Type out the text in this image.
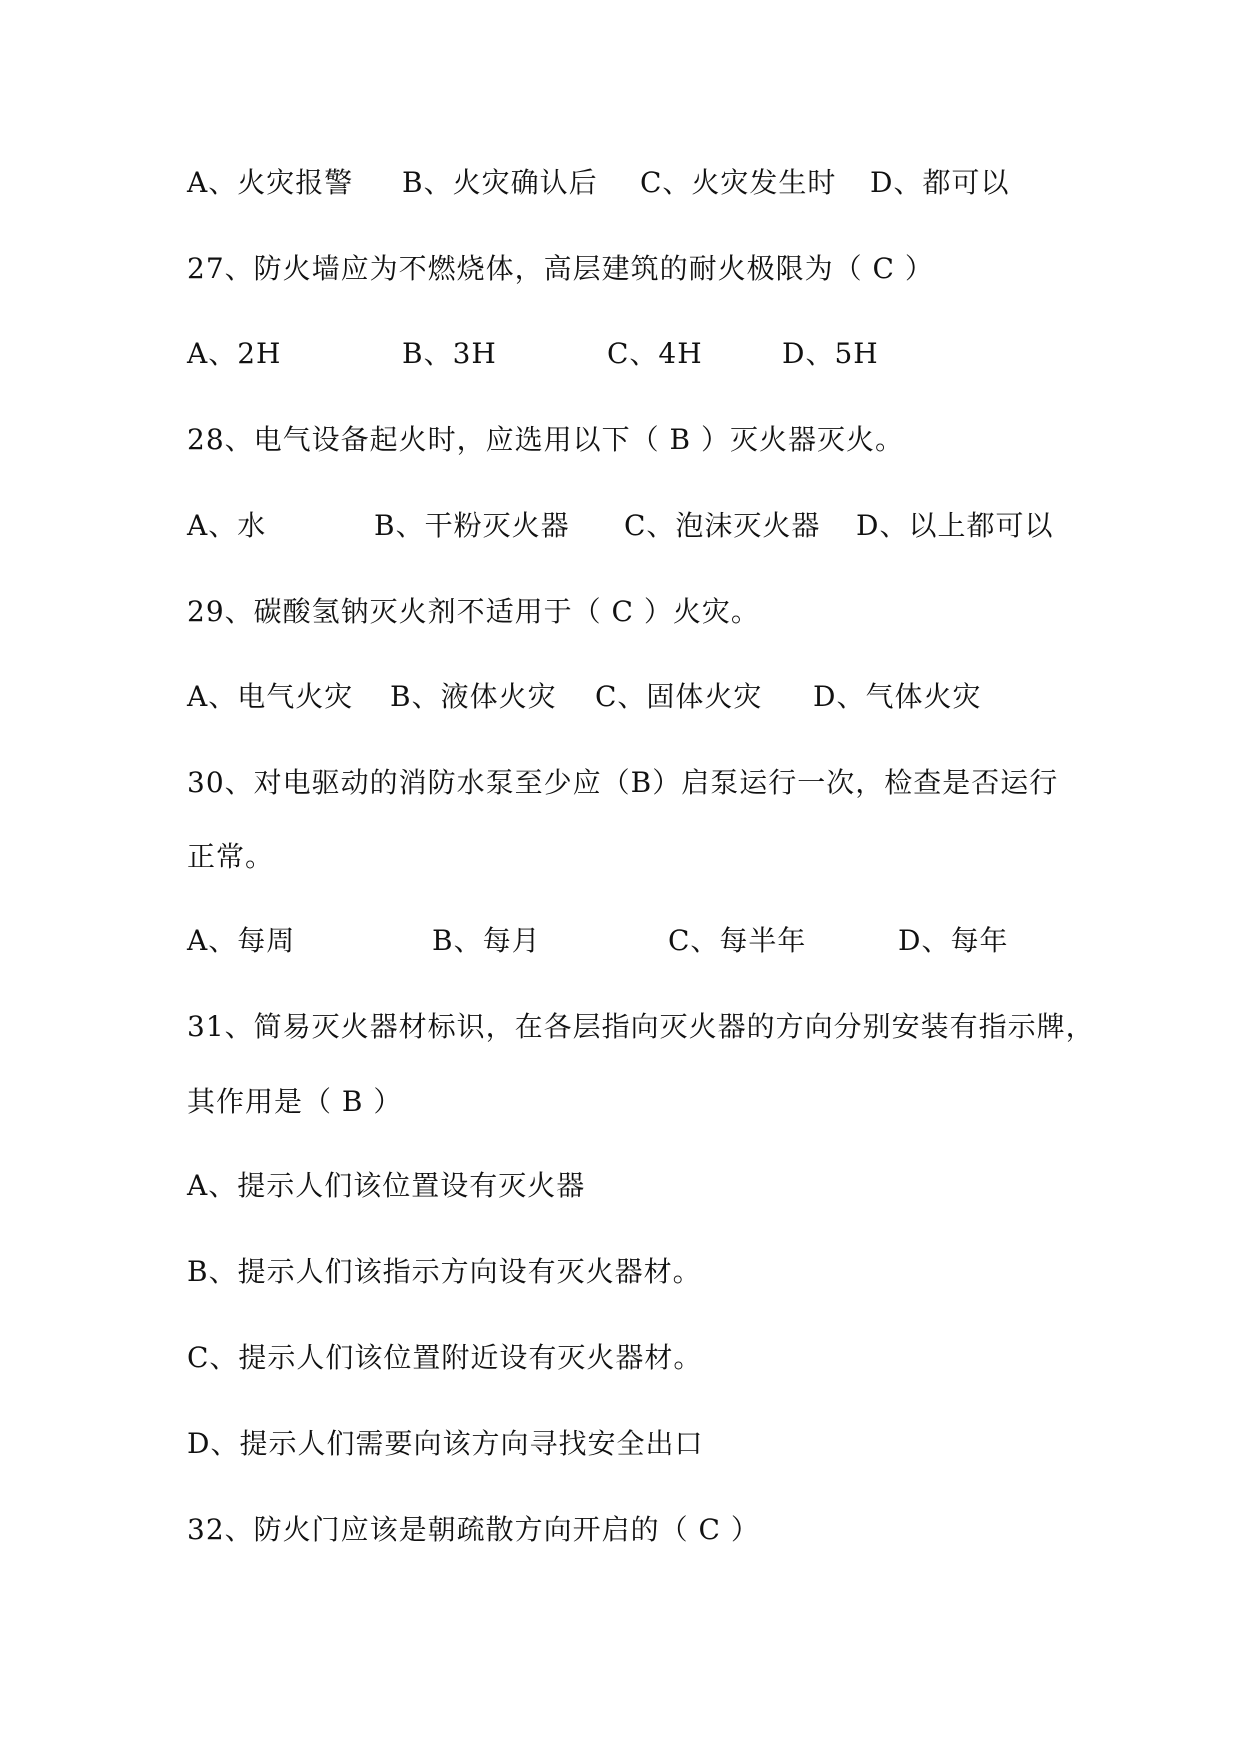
A、火灾报警 B、火灾确认后 C、火灾发生时 D、都可以

27、防火墙应为不燃烧体，高层建筑的耐火极限为（ C ）

A、2H	B、3H	C、4H	D、5H

28、电气设备起火时，应选用以下（ B ）灭火器灭火。

A、水	B、干粉灭火器 C、泡沫灭火器 D、以上都可以

29、碳酸氢钠灭火剂不适用于（ C ）火灾。

A、电气火灾 B、液体火灾 C、固体火灾 D、气体火灾

30、对电驱动的消防水泵至少应（B）启泵运行一次，检查是否运行

正常。

A、每周	B、每月	C、每半年	D、每年

31、简易灭火器材标识，在各层指向灭火器的方向分别安装有指示牌，

其作用是（ B ）

A、提示人们该位置设有灭火器

B、提示人们该指示方向设有灭火器材。

C、提示人们该位置附近设有灭火器材。

D、提示人们需要向该方向寻找安全出口

32、防火门应该是朝疏散方向开启的（ C ）
